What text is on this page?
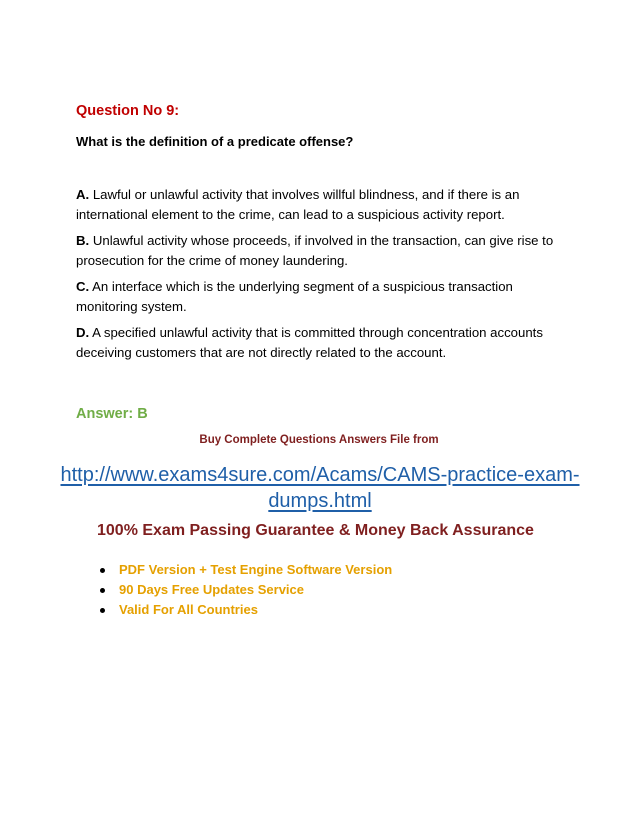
Question No 9:
What is the definition of a predicate offense?
A. Lawful or unlawful activity that involves willful blindness, and if there is an international element to the crime, can lead to a suspicious activity report.
B. Unlawful activity whose proceeds, if involved in the transaction, can give rise to prosecution for the crime of money laundering.
C. An interface which is the underlying segment of a suspicious transaction monitoring system.
D. A specified unlawful activity that is committed through concentration accounts deceiving customers that are not directly related to the account.
Answer: B
Buy Complete Questions Answers File from
http://www.exams4sure.com/Acams/CAMS-practice-exam-dumps.html
100% Exam Passing Guarantee & Money Back Assurance
PDF Version + Test Engine Software Version
90 Days Free Updates Service
Valid For All Countries
